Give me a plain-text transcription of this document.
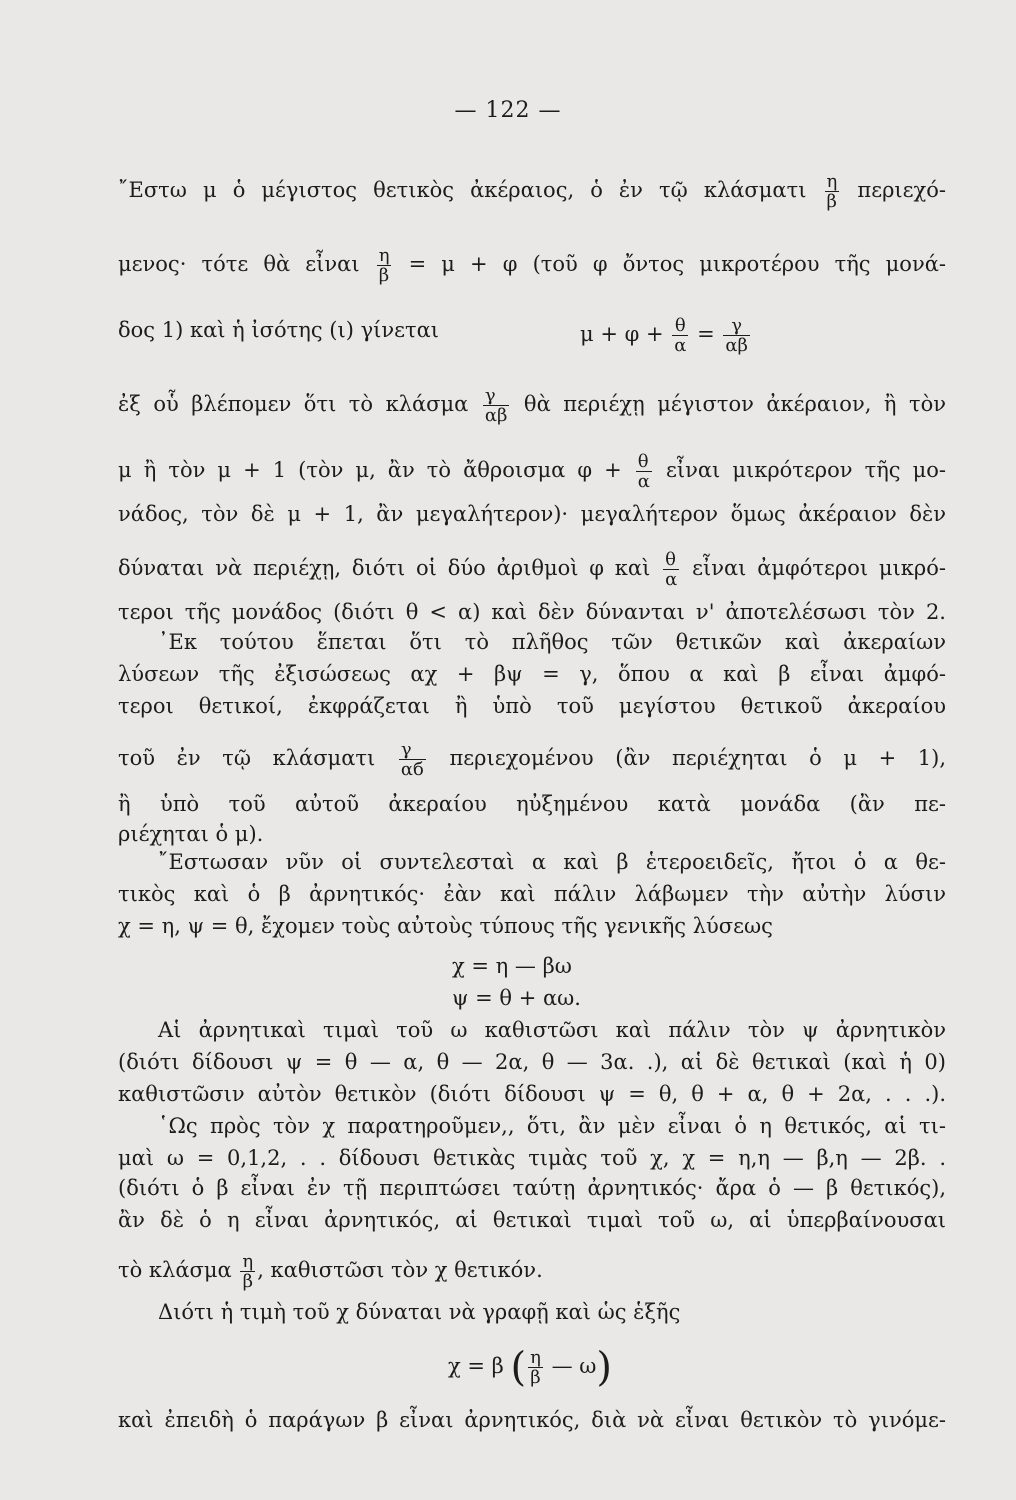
— 122 —
῎Εστω μ ὁ μέγιστος θετικὸς ἀκέραιος, ὁ ἐν τῷ κλάσματι $\frac{\eta}{\beta} \pi\varepsilon\rho\iota\varepsilon\chi ό-$
μενος· τότε θὰ εἶναι $\frac{\eta}{\beta} = \mu + \varphi$ (τοῦ φ ὄντος μικροτέρου τῆς μονά-
δος 1) καὶ ἡ ἰσότης (ι) γίνεται	$\mu + \varphi + \frac{\theta}{\alpha} = \frac{\gamma}{\alpha\beta}$
ἐξ οὗ βλέπομεν ὅτι τὸ κλάσμα $\frac{\gamma}{\alpha\beta}$ θὰ περιέχῃ μέγιστον ἀκέραιον, ἢ τὸν
μ ἢ τὸν μ + 1 (τὸν μ, ἂν τὸ ἄθροισμα $\varphi + \frac{\theta}{\alpha}$ εἶναι μικρότερον τῆς μο-
νάδος, τὸν δὲ μ + 1, ἂν μεγαλήτερον)· μεγαλήτερον ὅμως ἀκέραιον δὲν
δύναται νὰ περιέχῃ, διότι οἱ δύο ἀριθμοὶ φ καὶ $\frac{\theta}{\alpha}$ εἶναι ἀμφότεροι μικρό-
τεροι τῆς μονάδος (διότι θ < α) καὶ δὲν δύνανται ν' ἀποτελέσωσι τὸν 2.
᾿Εκ τούτου ἕπεται ὅτι τὸ πλῆθος τῶν θετικῶν καὶ ἀκεραίων
λύσεων τῆς ἐξισώσεως αχ + βψ = γ, ὅπου α καὶ β εἶναι ἀμφό-
τεροι θετικοί, ἐκφράζεται ἢ ὑπὸ τοῦ μεγίστου θετικοῦ ἀκεραίου
τοῦ ἐν τῷ κλάσματι $\frac{\gamma}{\alpha б}$ περιεχομένου (ἂν περιέχηται ὁ μ + 1),
ἢ ὑπὸ τοῦ αὐτοῦ ἀκεραίου ηὐξημένου κατὰ μονάδα (ἂν πε-
ριέχηται ὁ μ).
῎Εστωσαν νῦν οἱ συντελεσταὶ α καὶ β ἑτεροειδεῖς, ἤτοι ὁ α θε-
τικὸς καὶ ὁ β ἀρνητικός· ἐὰν καὶ πάλιν λάβωμεν τὴν αὐτὴν λύσιν
χ = η, ψ = θ, ἔχομεν τοὺς αὐτοὺς τύπους τῆς γενικῆς λύσεως
χ = η — βω
ψ = θ + αω.
Αἱ ἀρνητικαὶ τιμαὶ τοῦ ω καθιστῶσι καὶ πάλιν τὸν ψ ἀρνητικὸν
(διότι δίδουσι ψ = θ — α, θ — 2α, θ — 3α. .), αἱ δὲ θετικαὶ (καὶ ἡ 0)
καθιστῶσιν αὐτὸν θετικὸν (διότι δίδουσι ψ = θ, θ + α, θ + 2α, . . .).
῾Ως πρὸς τὸν χ παρατηροῦμεν,, ὅτι, ἂν μὲν εἶναι ὁ η θετικός, αἱ τι-
μαὶ ω = 0,1,2, . . δίδουσι θετικὰς τιμὰς τοῦ χ, χ = η,η — β,η — 2β. .
(διότι ὁ β εἶναι ἐν τῇ περιπτώσει ταύτῃ ἀρνητικός· ἄρα ὁ — β θετικός),
ἂν δὲ ὁ η εἶναι ἀρνητικός, αἱ θετικαὶ τιμαὶ τοῦ ω, αἱ ὑπερβαίνουσαι
τὸ κλάσμα $\frac{\eta}{\beta}$ , καθιστῶσι τὸν χ θετικόν.
Διότι ἡ τιμὴ τοῦ χ δύναται νὰ γραφῇ καὶ ὡς ἑξῆς
χ = β ( $\frac{\eta}{\beta}$ — ω)
καὶ ἐπειδὴ ὁ παράγων β εἶναι ἀρνητικός, διὰ νὰ εἶναι θετικὸν τὸ γινόμε-
